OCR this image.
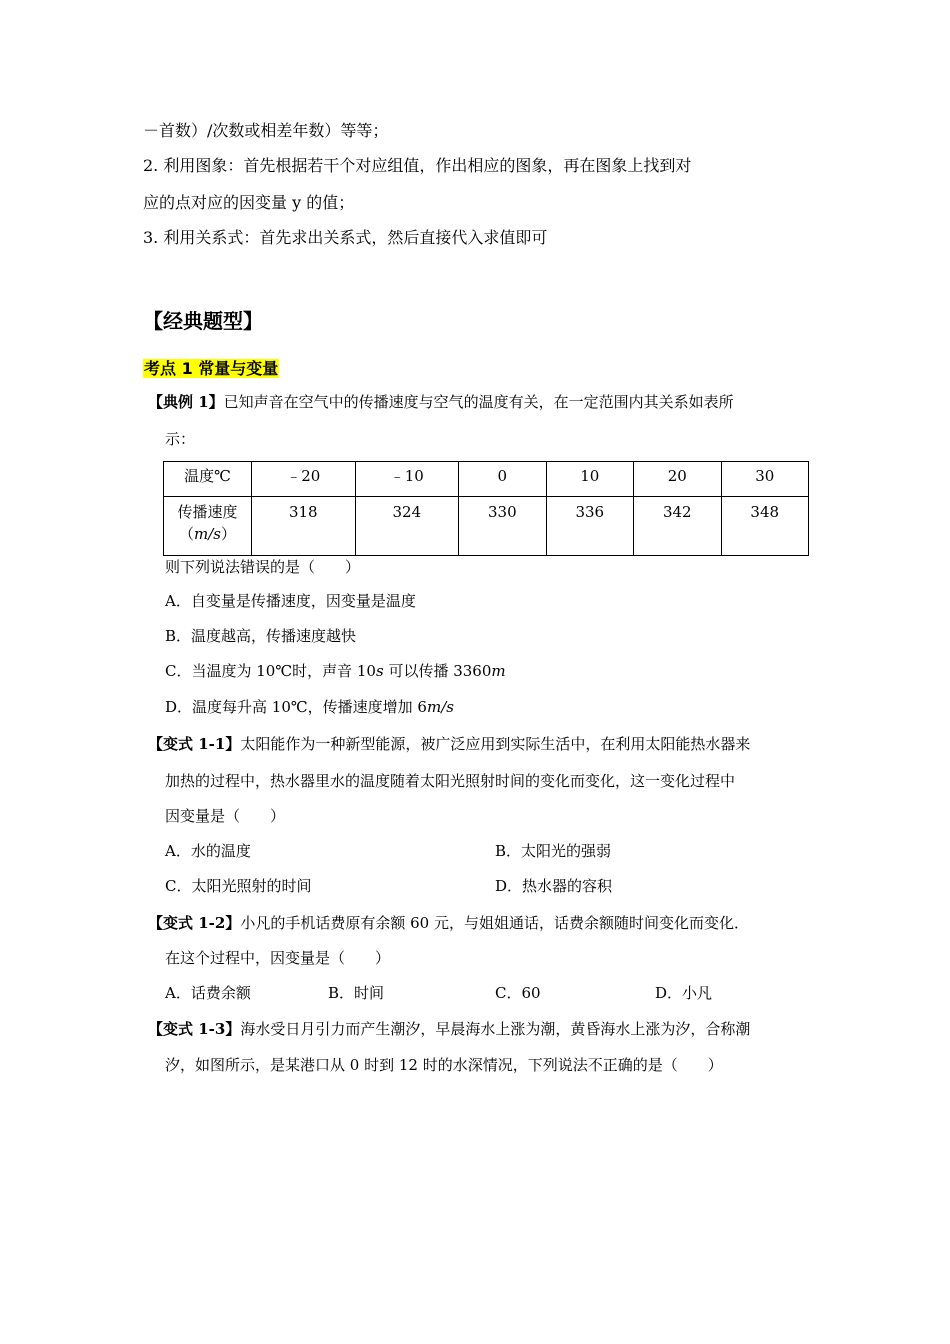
－首数）/次数或相差年数）等等；
2. 利用图象：首先根据若干个对应组值，作出相应的图象，再在图象上找到对
应的点对应的因变量 y 的值；
3. 利用关系式：首先求出关系式，然后直接代入求值即可
【经典题型】
考点 1 常量与变量
【典例 1】已知声音在空气中的传播速度与空气的温度有关，在一定范围内其关系如表所
示：
温度℃	﹣20	﹣10	0	10	20	30

传播速度
（m/s）	318	324	330	336	342	348
则下列说法错误的是（　　）
A．自变量是传播速度，因变量是温度
B．温度越高，传播速度越快
C．当温度为 10℃时，声音 10s 可以传播 3360m
D．温度每升高 10℃，传播速度增加 6m/s
【变式 1-1】太阳能作为一种新型能源，被广泛应用到实际生活中，在利用太阳能热水器来
加热的过程中，热水器里水的温度随着太阳光照射时间的变化而变化，这一变化过程中
因变量是（　　）
A．水的温度	B．太阳光的强弱
C．太阳光照射的时间	D．热水器的容积
【变式 1-2】小凡的手机话费原有余额 60 元，与姐姐通话，话费余额随时间变化而变化．
在这个过程中，因变量是（　　）
A．话费余额	B．时间	C．60	D．小凡
【变式 1-3】海水受日月引力而产生潮汐，早晨海水上涨为潮，黄昏海水上涨为汐，合称潮
汐，如图所示，是某港口从 0 时到 12 时的水深情况，下列说法不正确的是（　　）
